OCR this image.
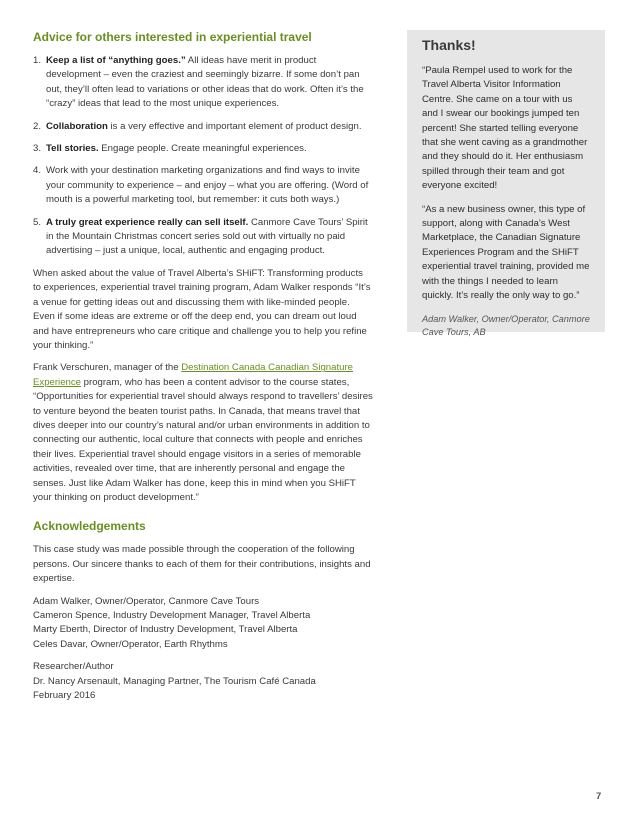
Advice for others interested in experiential travel
1. Keep a list of “anything goes.” All ideas have merit in product development – even the craziest and seemingly bizarre. If some don’t pan out, they’ll often lead to variations or other ideas that do work. Often it’s the “crazy” ideas that lead to the most unique experiences.
2. Collaboration is a very effective and important element of product design.
3. Tell stories. Engage people. Create meaningful experiences.
4. Work with your destination marketing organizations and find ways to invite your community to experience – and enjoy – what you are offering. (Word of mouth is a powerful marketing tool, but remember: it cuts both ways.)
5. A truly great experience really can sell itself. Canmore Cave Tours’ Spirit in the Mountain Christmas concert series sold out with virtually no paid advertising – just a unique, local, authentic and engaging product.

When asked about the value of Travel Alberta’s SHiFT: Transforming products to experiences, experiential travel training program, Adam Walker responds “It’s a venue for getting ideas out and discussing them with like-minded people. Even if some ideas are extreme or off the deep end, you can dream out loud and have entrepreneurs who care critique and challenge you to help you refine your thinking.”

Frank Verschuren, manager of the Destination Canada Canadian Signature Experience program, who has been a content advisor to the course states, “Opportunities for experiential travel should always respond to travellers’ desires to venture beyond the beaten tourist paths. In Canada, that means travel that dives deeper into our country’s natural and/or urban environments in addition to connecting our authentic, local culture that connects with people and enriches their lives. Experiential travel should engage visitors in a series of memorable activities, revealed over time, that are inherently personal and engage the senses. Just like Adam Walker has done, keep this in mind when you SHiFT your thinking on product development.”

Acknowledgements

This case study was made possible through the cooperation of the following persons. Our sincere thanks to each of them for their contributions, insights and expertise.

Adam Walker, Owner/Operator, Canmore Cave Tours

Cameron Spence, Industry Development Manager, Travel Alberta

Marty Eberth, Director of Industry Development, Travel Alberta

Celes Davar, Owner/Operator, Earth Rhythms

Researcher/Author

Dr. Nancy Arsenault, Managing Partner, The Tourism Café Canada

February 2016

Thanks!

“Paula Rempel used to work for the Travel Alberta Visitor Information Centre. She came on a tour with us and I swear our bookings jumped ten percent! She started telling everyone that she went caving as a grandmother and they should do it. Her enthusiasm spilled through their team and got everyone excited!

“As a new business owner, this type of support, along with Canada’s West Marketplace, the Canadian Signature Experiences Program and the SHiFT experiential travel training, provided me with the things I needed to learn quickly. It’s really the only way to go.”

Adam Walker, Owner/Operator, Canmore Cave Tours, AB
7
